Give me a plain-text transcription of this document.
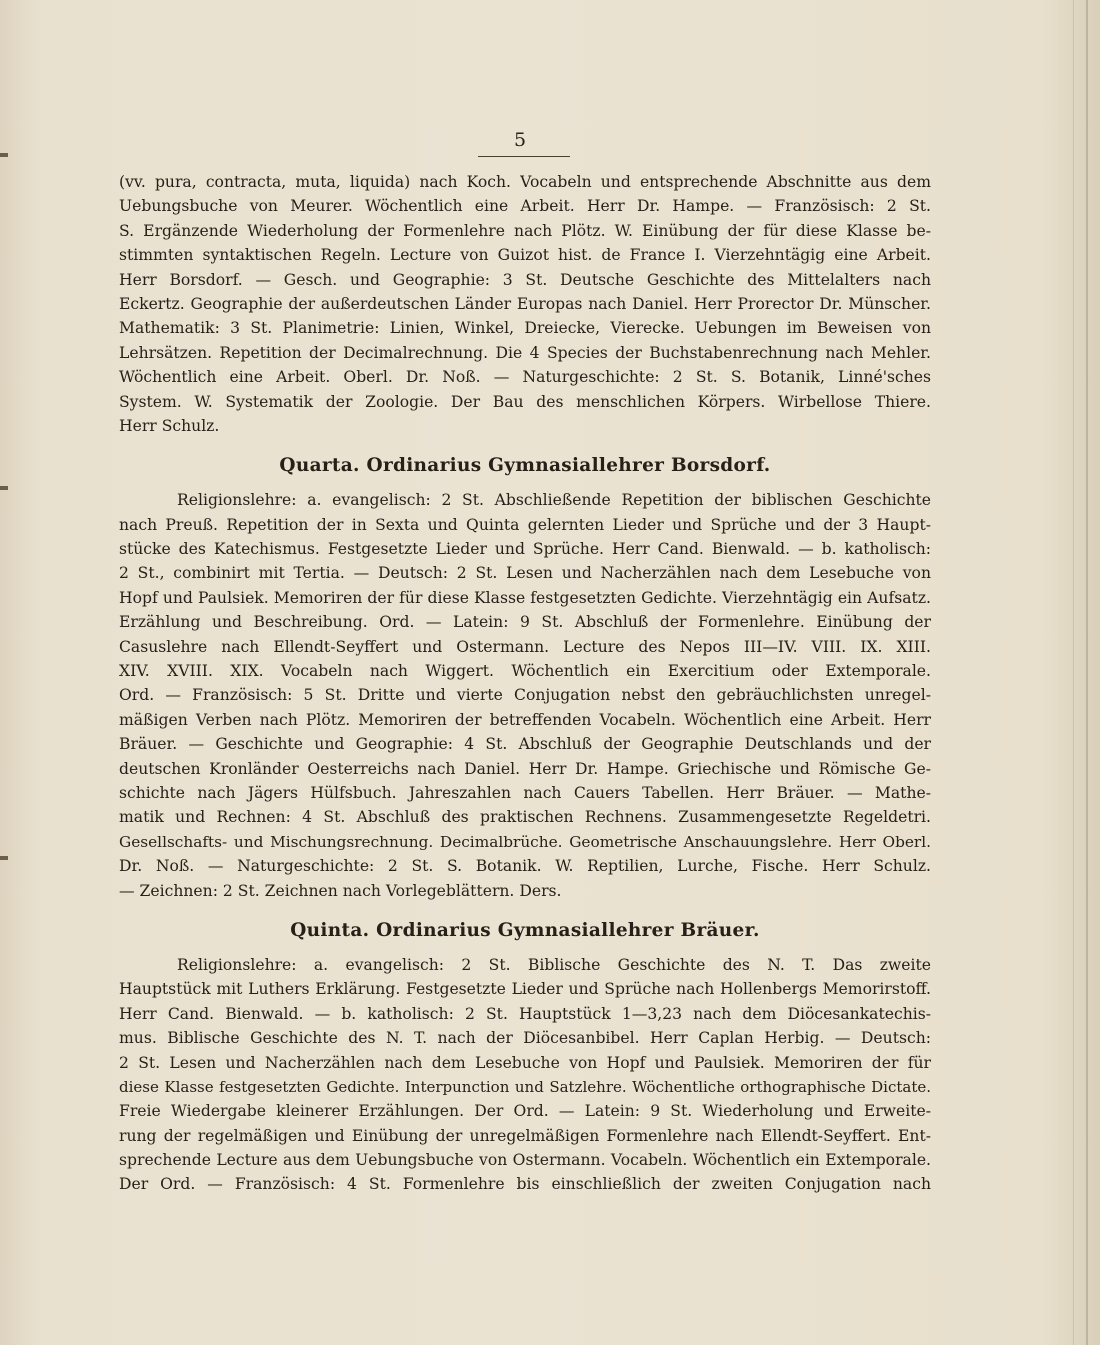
5
(vv. pura, contracta, muta, liquida) nach Koch. Vocabeln und entsprechende Abschnitte aus dem
Uebungsbuche von Meurer. Wöchentlich eine Arbeit. Herr Dr. Hampe. — Französisch: 2 St.
S. Ergänzende Wiederholung der Formenlehre nach Plötz. W. Einübung der für diese Klasse be-
stimmten syntaktischen Regeln. Lecture von Guizot hist. de France I. Vierzehntägig eine Arbeit.
Herr Borsdorf. — Gesch. und Geographie: 3 St. Deutsche Geschichte des Mittelalters nach
Eckertz. Geographie der außerdeutschen Länder Europas nach Daniel. Herr Prorector Dr. Münscher.
Mathematik: 3 St. Planimetrie: Linien, Winkel, Dreiecke, Vierecke. Uebungen im Beweisen von
Lehrsätzen. Repetition der Decimalrechnung. Die 4 Species der Buchstabenrechnung nach Mehler.
Wöchentlich eine Arbeit. Oberl. Dr. Noß. — Naturgeschichte: 2 St. S. Botanik, Linné'sches
System. W. Systematik der Zoologie. Der Bau des menschlichen Körpers. Wirbellose Thiere.
Herr Schulz.
Quarta. Ordinarius Gymnasiallehrer Borsdorf.
Religionslehre: a. evangelisch: 2 St. Abschließende Repetition der biblischen Geschichte
nach Preuß. Repetition der in Sexta und Quinta gelernten Lieder und Sprüche und der 3 Haupt-
stücke des Katechismus. Festgesetzte Lieder und Sprüche. Herr Cand. Bienwald. — b. katholisch:
2 St., combinirt mit Tertia. — Deutsch: 2 St. Lesen und Nacherzählen nach dem Lesebuche von
Hopf und Paulsiek. Memoriren der für diese Klasse festgesetzten Gedichte. Vierzehntägig ein Aufsatz.
Erzählung und Beschreibung. Ord. — Latein: 9 St. Abschluß der Formenlehre. Einübung der
Casuslehre nach Ellendt-Seyffert und Ostermann. Lecture des Nepos III—IV. VIII. IX. XIII.
XIV. XVIII. XIX. Vocabeln nach Wiggert. Wöchentlich ein Exercitium oder Extemporale.
Ord. — Französisch: 5 St. Dritte und vierte Conjugation nebst den gebräuchlichsten unregel-
mäßigen Verben nach Plötz. Memoriren der betreffenden Vocabeln. Wöchentlich eine Arbeit. Herr
Bräuer. — Geschichte und Geographie: 4 St. Abschluß der Geographie Deutschlands und der
deutschen Kronländer Oesterreichs nach Daniel. Herr Dr. Hampe. Griechische und Römische Ge-
schichte nach Jägers Hülfsbuch. Jahreszahlen nach Cauers Tabellen. Herr Bräuer. — Mathe-
matik und Rechnen: 4 St. Abschluß des praktischen Rechnens. Zusammengesetzte Regeldetri.
Gesellschafts- und Mischungsrechnung. Decimalbrüche. Geometrische Anschauungslehre. Herr Oberl.
Dr. Noß. — Naturgeschichte: 2 St. S. Botanik. W. Reptilien, Lurche, Fische. Herr Schulz.
— Zeichnen: 2 St. Zeichnen nach Vorlegeblättern. Ders.
Quinta. Ordinarius Gymnasiallehrer Bräuer.
Religionslehre: a. evangelisch: 2 St. Biblische Geschichte des N. T. Das zweite
Hauptstück mit Luthers Erklärung. Festgesetzte Lieder und Sprüche nach Hollenbergs Memorirstoff.
Herr Cand. Bienwald. — b. katholisch: 2 St. Hauptstück 1—3,23 nach dem Diöcesankatechis-
mus. Biblische Geschichte des N. T. nach der Diöcesanbibel. Herr Caplan Herbig. — Deutsch:
2 St. Lesen und Nacherzählen nach dem Lesebuche von Hopf und Paulsiek. Memoriren der für
diese Klasse festgesetzten Gedichte. Interpunction und Satzlehre. Wöchentliche orthographische Dictate.
Freie Wiedergabe kleinerer Erzählungen. Der Ord. — Latein: 9 St. Wiederholung und Erweite-
rung der regelmäßigen und Einübung der unregelmäßigen Formenlehre nach Ellendt-Seyffert. Ent-
sprechende Lecture aus dem Uebungsbuche von Ostermann. Vocabeln. Wöchentlich ein Extemporale.
Der Ord. — Französisch: 4 St. Formenlehre bis einschließlich der zweiten Conjugation nach
